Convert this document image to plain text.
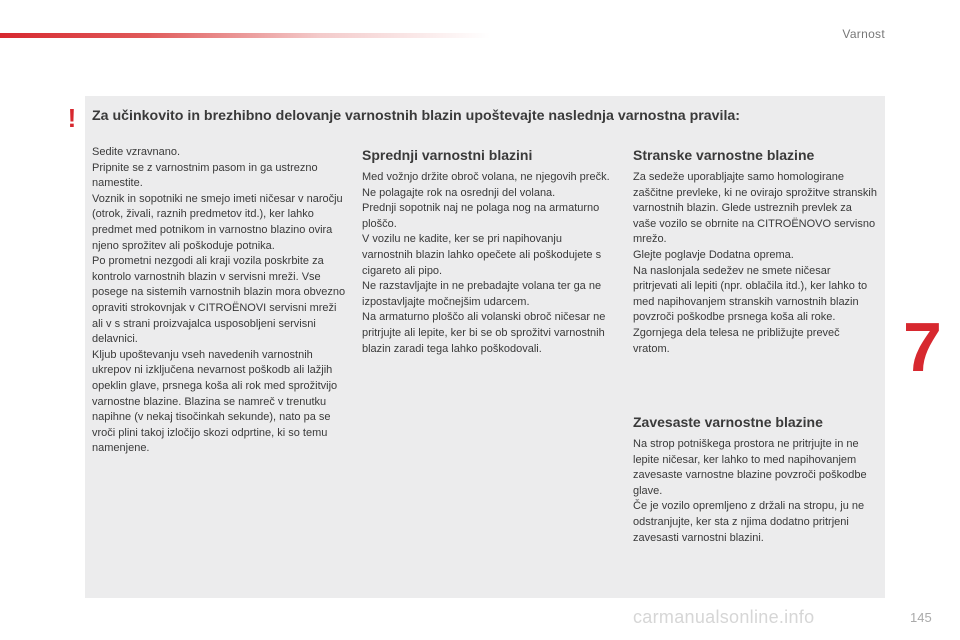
Varnost
! Za učinkovito in brezhibno delovanje varnostnih blazin upoštevajte naslednja varnostna pravila:

Sedite vzravnano.

Pripnite se z varnostnim pasom in ga ustrezno namestite.

Voznik in sopotniki ne smejo imeti ničesar v naročju (otrok, živali, raznih predmetov itd.), ker lahko predmet med potnikom in varnostno blazino ovira njeno sprožitev ali poškoduje potnika.

Po prometni nezgodi ali kraji vozila poskrbite za kontrolo varnostnih blazin v servisni mreži. Vse posege na sistemih varnostnih blazin mora obvezno opraviti strokovnjak v CITROËNOVI servisni mreži ali v s strani proizvajalca usposobljeni servisni delavnici.

Kljub upoštevanju vseh navedenih varnostnih ukrepov ni izključena nevarnost poškodb ali lažjih opeklin glave, prsnega koša ali rok med sprožitvijo varnostne blazine. Blazina se namreč v trenutku napihne (v nekaj tisočinkah sekunde), nato pa se vroči plini takoj izločijo skozi odprtine, ki so temu namenjene.

Sprednji varnostni blazini

Med vožnjo držite obroč volana, ne njegovih prečk. Ne polagajte rok na osrednji del volana.

Prednji sopotnik naj ne polaga nog na armaturno ploščo.

V vozilu ne kadite, ker se pri napihovanju varnostnih blazin lahko opečete ali poškodujete s cigareto ali pipo.

Ne razstavljajte in ne prebadajte volana ter ga ne izpostavljajte močnejšim udarcem.

Na armaturno ploščo ali volanski obroč ničesar ne pritrjujte ali lepite, ker bi se ob sprožitvi varnostnih blazin zaradi tega lahko poškodovali.

Stranske varnostne blazine

Za sedeže uporabljajte samo homologirane zaščitne prevleke, ki ne ovirajo sprožitve stranskih varnostnih blazin. Glede ustreznih prevlek za vaše vozilo se obrnite na CITROËNOVO servisno mrežo.

Glejte poglavje Dodatna oprema.

Na naslonjala sedežev ne smete ničesar pritrjevati ali lepiti (npr. oblačila itd.), ker lahko to med napihovanjem stranskih varnostnih blazin povzroči poškodbe prsnega koša ali roke.

Zgornjega dela telesa ne približujte preveč vratom.

Zavesaste varnostne blazine

Na strop potniškega prostora ne pritrjujte in ne lepite ničesar, ker lahko to med napihovanjem zavesaste varnostne blazine povzroči poškodbe glave.

Če je vozilo opremljeno z držali na stropu, ju ne odstranjujte, ker sta z njima dodatno pritrjeni zavesasti varnostni blazini.

7
carmanualsonline.info	145
